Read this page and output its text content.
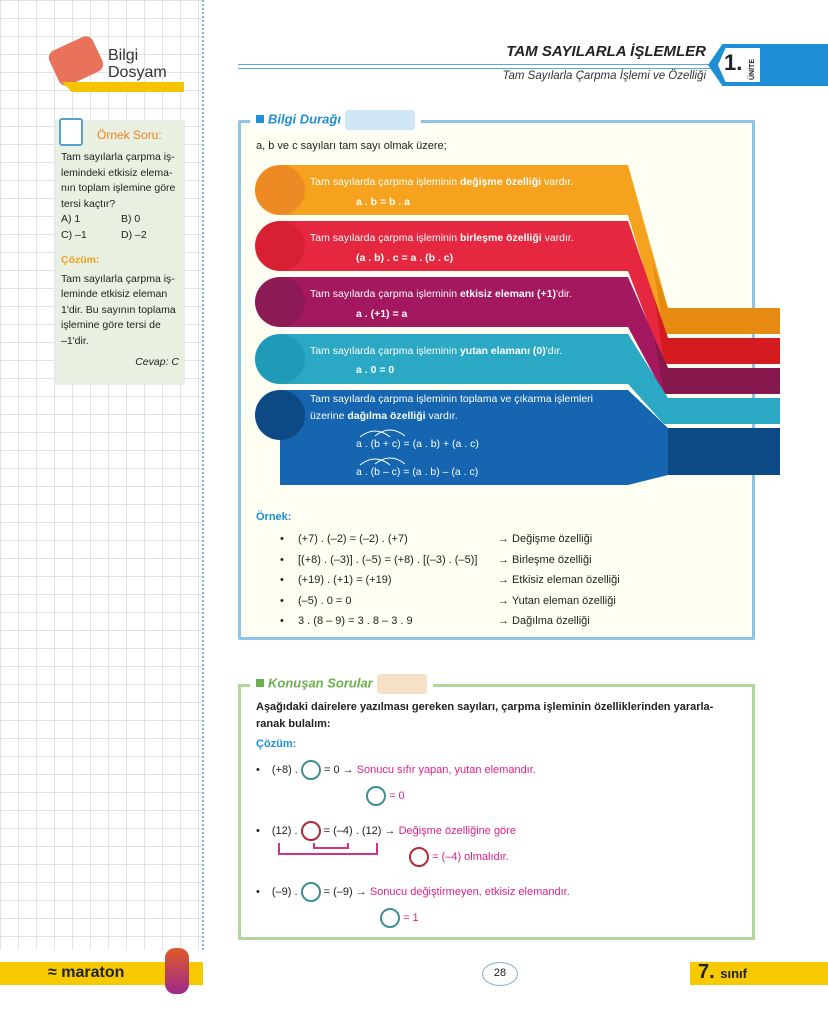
Bilgi
Dosyam
Örnek Soru:
Tam sayılarla çarpma iş-
lemindeki etkisiz elema-
nın toplam işlemine göre
tersi kaçtır?
A) 1	B) 0
C) –1	D) –2
Çözüm:
Tam sayılarla çarpma iş-
leminde etkisiz eleman
1'dir. Bu sayının toplama
işlemine göre tersi de
–1'dir.
Cevap: C
TAM SAYILARLA İŞLEMLER
Tam Sayılarla Çarpma İşlemi ve Özelliği
1. ÜNİTE
Bilgi Durağı
a, b ve c sayıları tam sayı olmak üzere;
Tam sayılarda çarpma işleminin değişme özelliği vardır.
a . b = b . a
Tam sayılarda çarpma işleminin birleşme özelliği vardır.
(a . b) . c = a . (b . c)
Tam sayılarda çarpma işleminin etkisiz elemanı (+1)'dir.
a . (+1) = a
Tam sayılarda çarpma işleminin yutan elamanı (0)'dır.
a . 0 = 0
Tam sayılarda çarpma işleminin toplama ve çıkarma işlemleri
üzerine dağılma özelliği vardır.
a . (b + c) = (a . b) + (a . c)
a . (b – c) = (a . b) – (a . c)
Örnek:
•	(+7) . (–2) = (–2) . (+7)	→ Değişme özelliği
•	[(+8) . (–3)] . (–5) = (+8) . [(–3) . (–5)]	→ Birleşme özelliği
•	(+19) . (+1) = (+19)	→ Etkisiz eleman özelliği
•	(–5) . 0 = 0	→ Yutan eleman özelliği
•	3 . (8 – 9) = 3 . 8 – 3 . 9	→ Dağılma özelliği
Konuşan Sorular
Aşağıdaki dairelere yazılması gereken sayıları, çarpma işleminin özelliklerinden yararla-
ranak bulalım:
Çözüm:
• (+8) . = 0 → Sonucu sıfır yapan, yutan elemandır.
= 0
• (12) . = (–4) . (12) → Değişme özelliğine göre
= (–4) olmalıdır.
• (–9) . = (–9) → Sonucu değiştirmeyen, etkisiz elemandır.
= 1
≈ maraton	28	7. sınıf
